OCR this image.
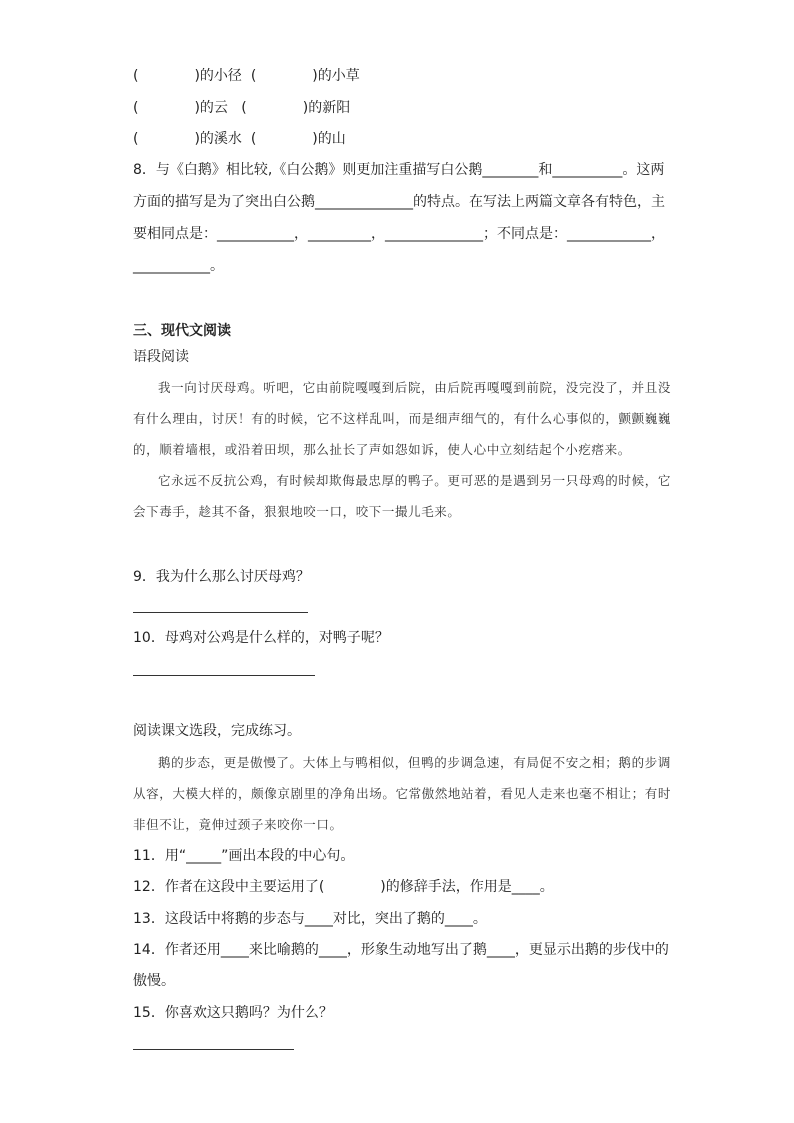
(　　　　)的小径  (　　　　)的小草
(　　　　)的云   (　　　　)的新阳
(　　　　)的溪水  (　　　　)的山
8．与《白鹅》相比较,《白公鹅》则更加注重描写白公鹅________和__________。这两
方面的描写是为了突出白公鹅______________的特点。在写法上两篇文章各有特色，主
要相同点是：___________，_________，______________；不同点是：____________，
___________。
三、现代文阅读
语段阅读

我一向讨厌母鸡。听吧，它由前院嘎嘎到后院，由后院再嘎嘎到前院，没完没了，并且没有什么理由，讨厌！有的时候，它不这样乱叫，而是细声细气的，有什么心事似的，颤颤巍巍的，顺着墙根，或沿着田坝，那么扯长了声如怨如诉，使人心中立刻结起个小疙瘩来。

它永远不反抗公鸡，有时候却欺侮最忠厚的鸭子。更可恶的是遇到另一只母鸡的时候，它会下毒手，趁其不备，狠狠地咬一口，咬下一撮儿毛来。

9．我为什么那么讨厌母鸡？
10．母鸡对公鸡是什么样的，对鸭子呢？
阅读课文选段，完成练习。

鹅的步态，更是傲慢了。大体上与鸭相似，但鸭的步调急速，有局促不安之相；鹅的步调从容，大模大样的，颇像京剧里的净角出场。它常傲然地站着，看见人走来也毫不相让；有时非但不让，竟伸过颈子来咬你一口。

11．用“_____”画出本段的中心句。
12．作者在这段中主要运用了(　　　　)的修辞手法，作用是____。
13．这段话中将鹅的步态与____对比，突出了鹅的____。
14．作者还用____来比喻鹅的____，形象生动地写出了鹅____，更显示出鹅的步伐中的
傲慢。
15．你喜欢这只鹅吗？为什么？
